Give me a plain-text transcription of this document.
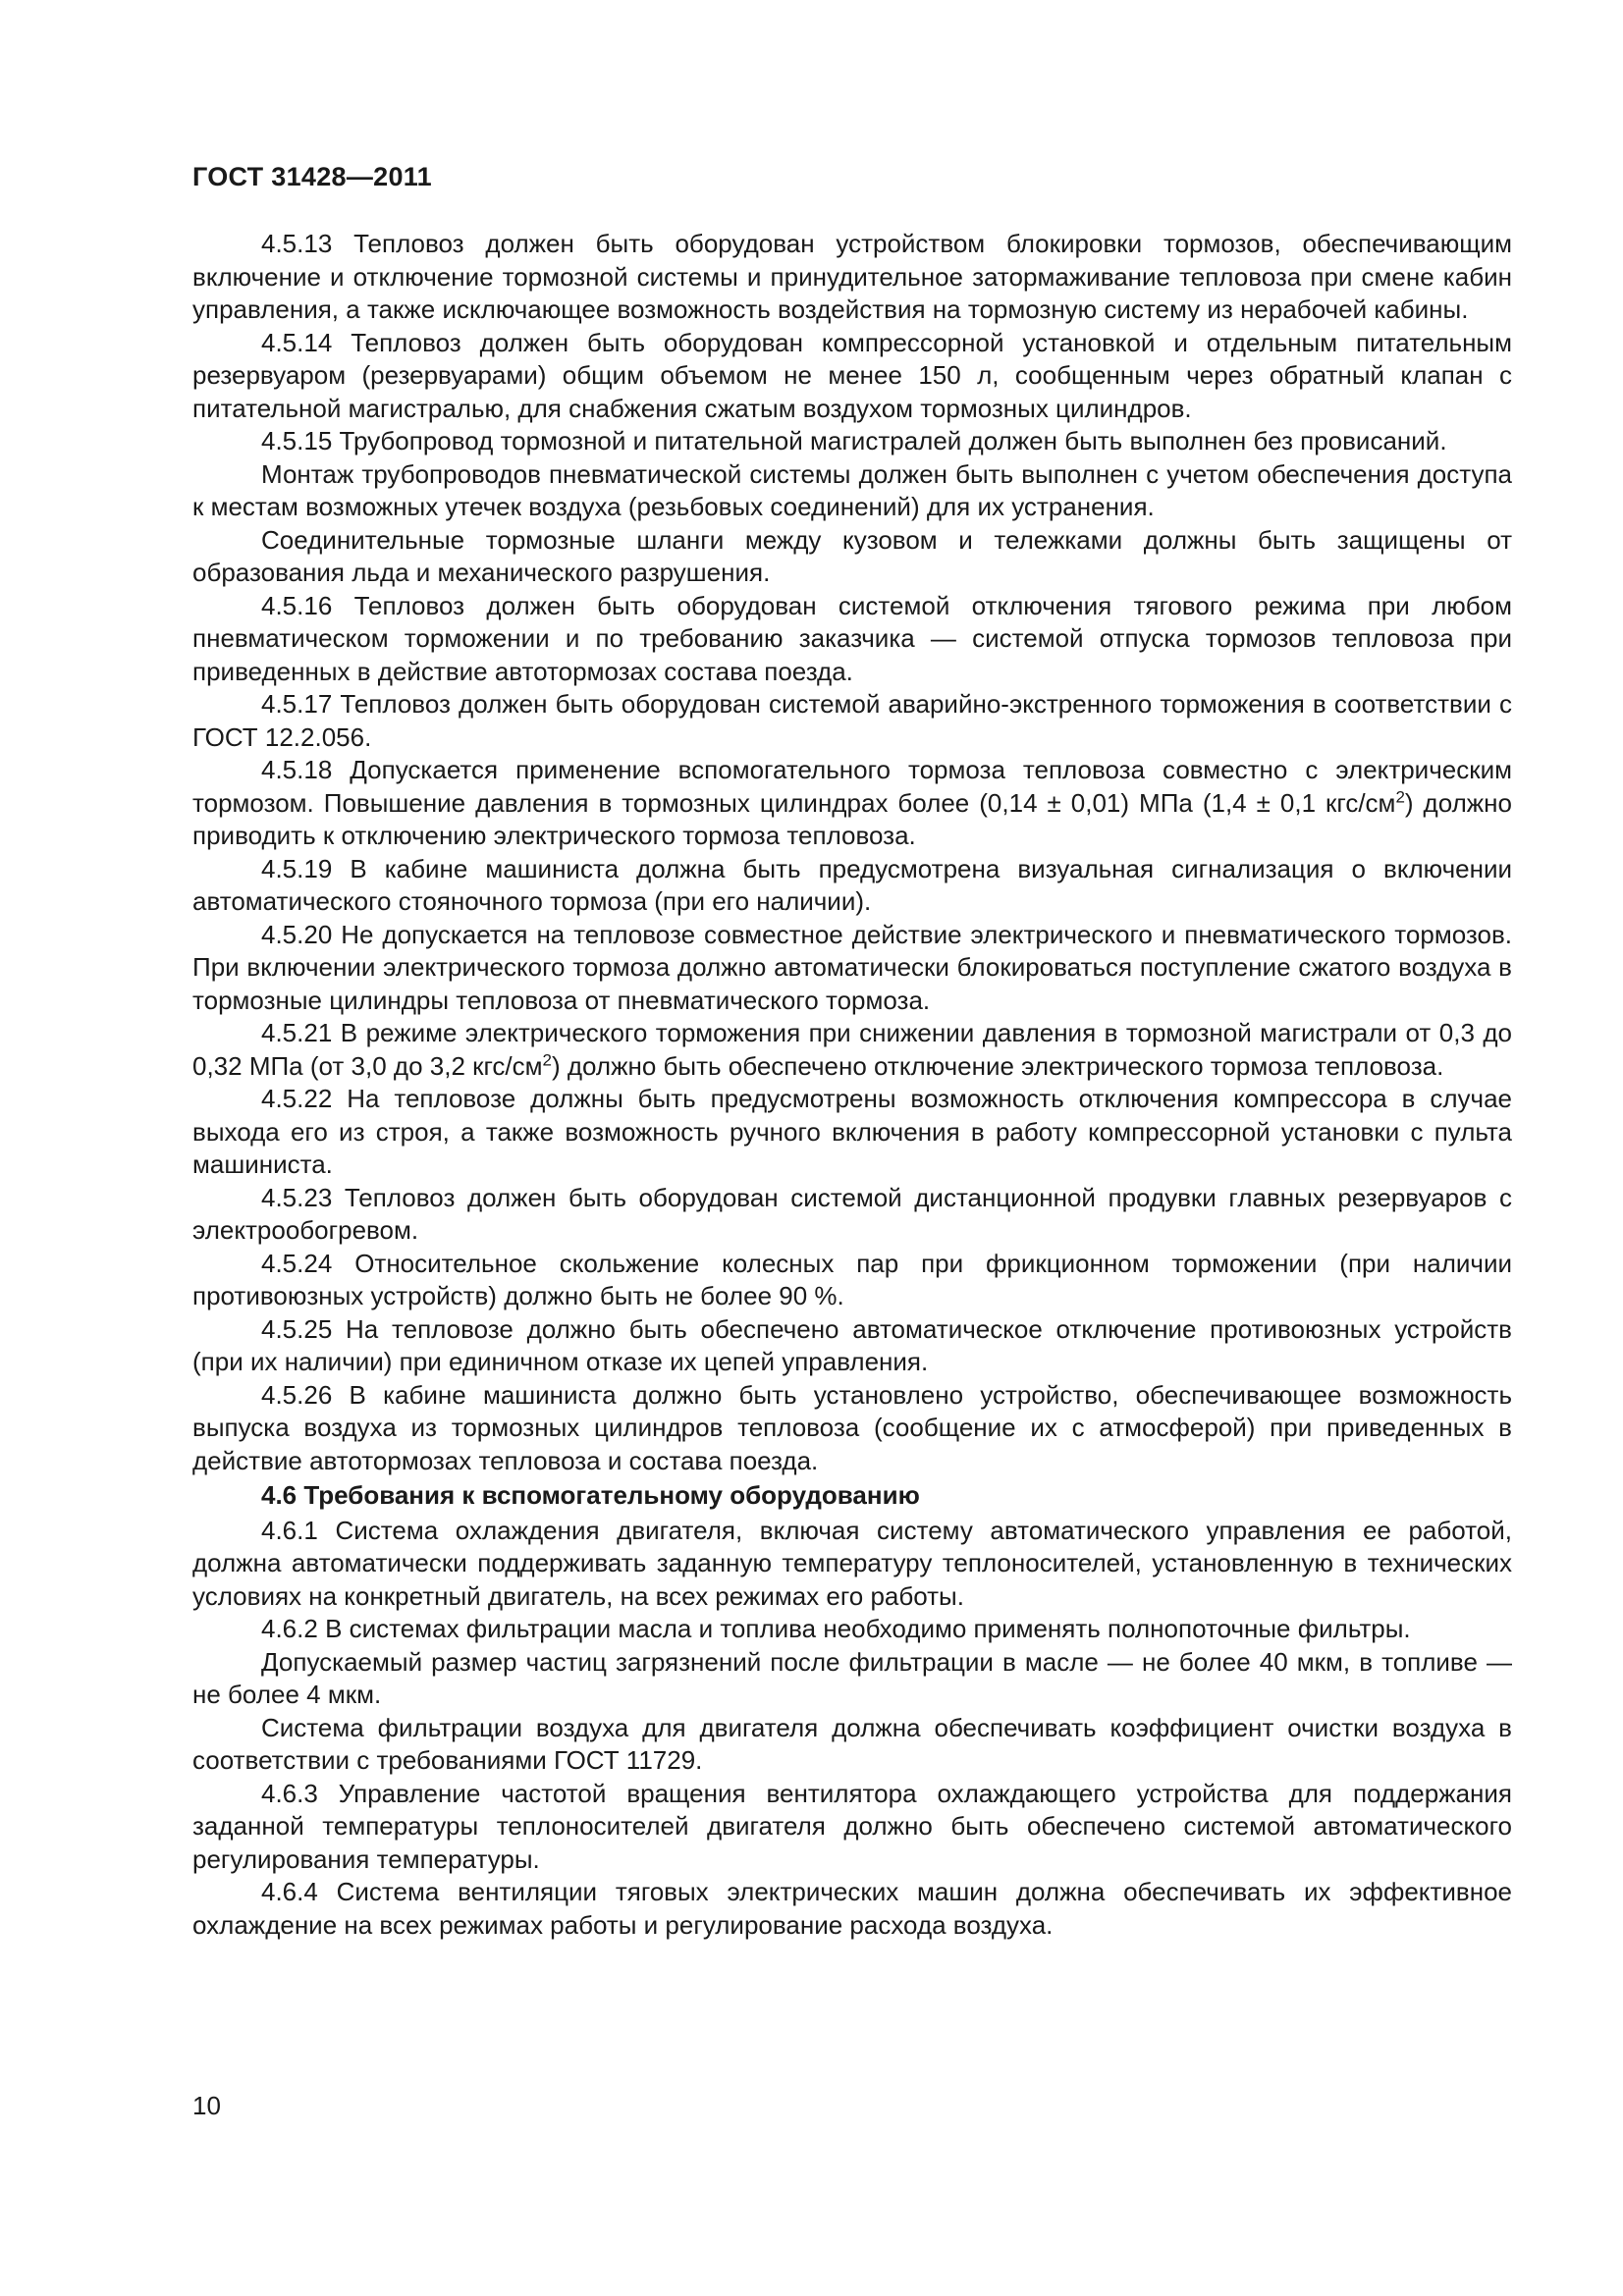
ГОСТ 31428—2011

4.5.13 Тепловоз должен быть оборудован устройством блокировки тормозов, обеспечивающим включение и отключение тормозной системы и принудительное затормаживание тепловоза при смене кабин управления, а также исключающее возможность воздействия на тормозную систему из нерабочей кабины.

4.5.14 Тепловоз должен быть оборудован компрессорной установкой и отдельным питательным резервуаром (резервуарами) общим объемом не менее 150 л, сообщенным через обратный клапан с питательной магистралью, для снабжения сжатым воздухом тормозных цилиндров.

4.5.15 Трубопровод тормозной и питательной магистралей должен быть выполнен без провисаний.

Монтаж трубопроводов пневматической системы должен быть выполнен с учетом обеспечения доступа к местам возможных утечек воздуха (резьбовых соединений) для их устранения.

Соединительные тормозные шланги между кузовом и тележками должны быть защищены от образования льда и механического разрушения.

4.5.16 Тепловоз должен быть оборудован системой отключения тягового режима при любом пневматическом торможении и по требованию заказчика — системой отпуска тормозов тепловоза при приведенных в действие автотормозах состава поезда.

4.5.17 Тепловоз должен быть оборудован системой аварийно-экстренного торможения в соответствии с ГОСТ 12.2.056.

4.5.18 Допускается применение вспомогательного тормоза тепловоза совместно с электрическим тормозом. Повышение давления в тормозных цилиндрах более (0,14 ± 0,01) МПа (1,4 ± 0,1 кгс/$см^2$) должно приводить к отключению электрического тормоза тепловоза.

4.5.19 В кабине машиниста должна быть предусмотрена визуальная сигнализация о включении автоматического стояночного тормоза (при его наличии).

4.5.20 Не допускается на тепловозе совместное действие электрического и пневматического тормозов. При включении электрического тормоза должно автоматически блокироваться поступление сжатого воздуха в тормозные цилиндры тепловоза от пневматического тормоза.

4.5.21 В режиме электрического торможения при снижении давления в тормозной магистрали от 0,3 до 0,32 МПа (от 3,0 до 3,2 кгс/$см^2$) должно быть обеспечено отключение электрического тормоза тепловоза.

4.5.22 На тепловозе должны быть предусмотрены возможность отключения компрессора в случае выхода его из строя, а также возможность ручного включения в работу компрессорной установки с пульта машиниста.

4.5.23 Тепловоз должен быть оборудован системой дистанционной продувки главных резервуаров с электрообогревом.

4.5.24 Относительное скольжение колесных пар при фрикционном торможении (при наличии противоюзных устройств) должно быть не более 90 %.

4.5.25 На тепловозе должно быть обеспечено автоматическое отключение противоюзных устройств (при их наличии) при единичном отказе их цепей управления.

4.5.26 В кабине машиниста должно быть установлено устройство, обеспечивающее возможность выпуска воздуха из тормозных цилиндров тепловоза (сообщение их с атмосферой) при приведенных в действие автотормозах тепловоза и состава поезда.

4.6 Требования к вспомогательному оборудованию

4.6.1 Система охлаждения двигателя, включая систему автоматического управления ее работой, должна автоматически поддерживать заданную температуру теплоносителей, установленную в технических условиях на конкретный двигатель, на всех режимах его работы.

4.6.2 В системах фильтрации масла и топлива необходимо применять полнопоточные фильтры.

Допускаемый размер частиц загрязнений после фильтрации в масле — не более 40 мкм, в топливе — не более 4 мкм.

Система фильтрации воздуха для двигателя должна обеспечивать коэффициент очистки воздуха в соответствии с требованиями ГОСТ 11729.

4.6.3 Управление частотой вращения вентилятора охлаждающего устройства для поддержания заданной температуры теплоносителей двигателя должно быть обеспечено системой автоматического регулирования температуры.

4.6.4 Система вентиляции тяговых электрических машин должна обеспечивать их эффективное охлаждение на всех режимах работы и регулирование расхода воздуха.

10
